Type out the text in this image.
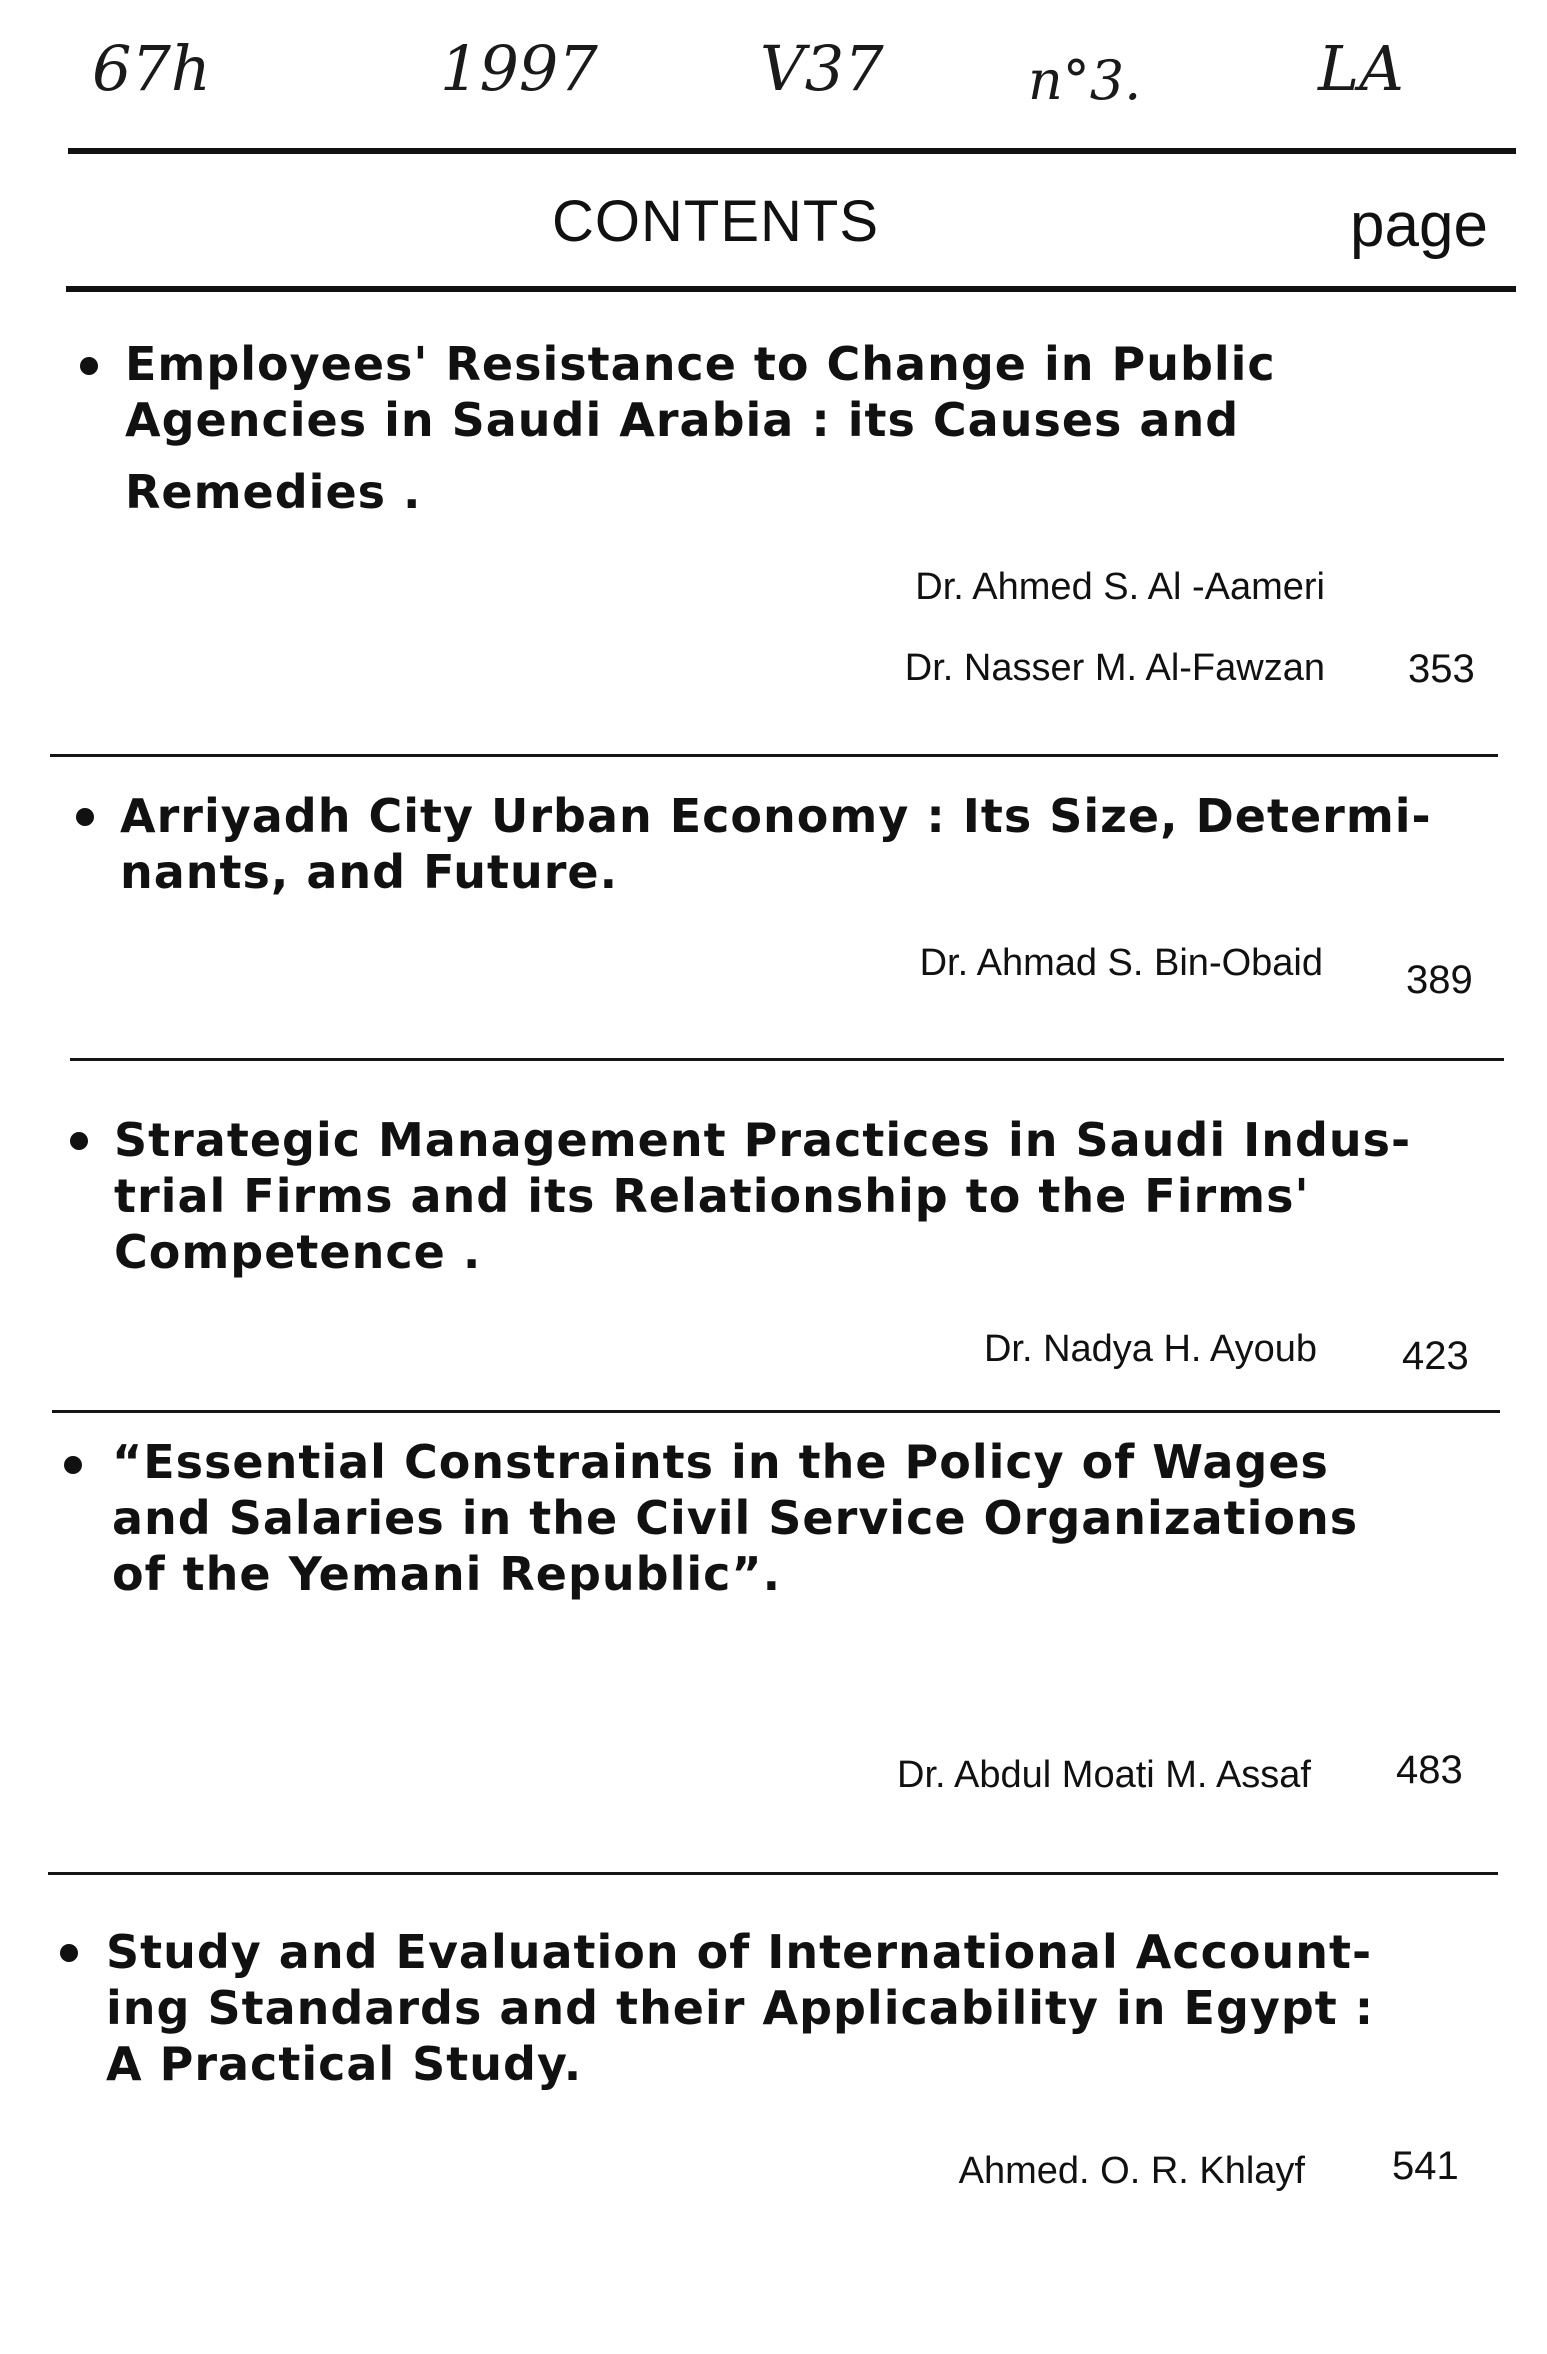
67h	1997	V37	n°3.	LA
CONTENTS	page
Employees' Resistance to Change in Public
Agencies in Saudi Arabia : its Causes and
Remedies .
Dr. Ahmed S. Al -Aameri
Dr. Nasser M. Al-Fawzan 353
Arriyadh City Urban Economy : Its Size, Determi-
nants, and Future.
Dr. Ahmad S. Bin-Obaid 389
Strategic Management Practices in Saudi Indus-
trial Firms and its Relationship to the Firms'
Competence .
Dr. Nadya H. Ayoub 423
“Essential Constraints in the Policy of Wages
and Salaries in the Civil Service Organizations
of the Yemani Republic”.
Dr. Abdul Moati M. Assaf 483
Study and Evaluation of International Account-
ing Standards and their Applicability in Egypt :
A Practical Study.
Ahmed. O. R. Khlayf 541
